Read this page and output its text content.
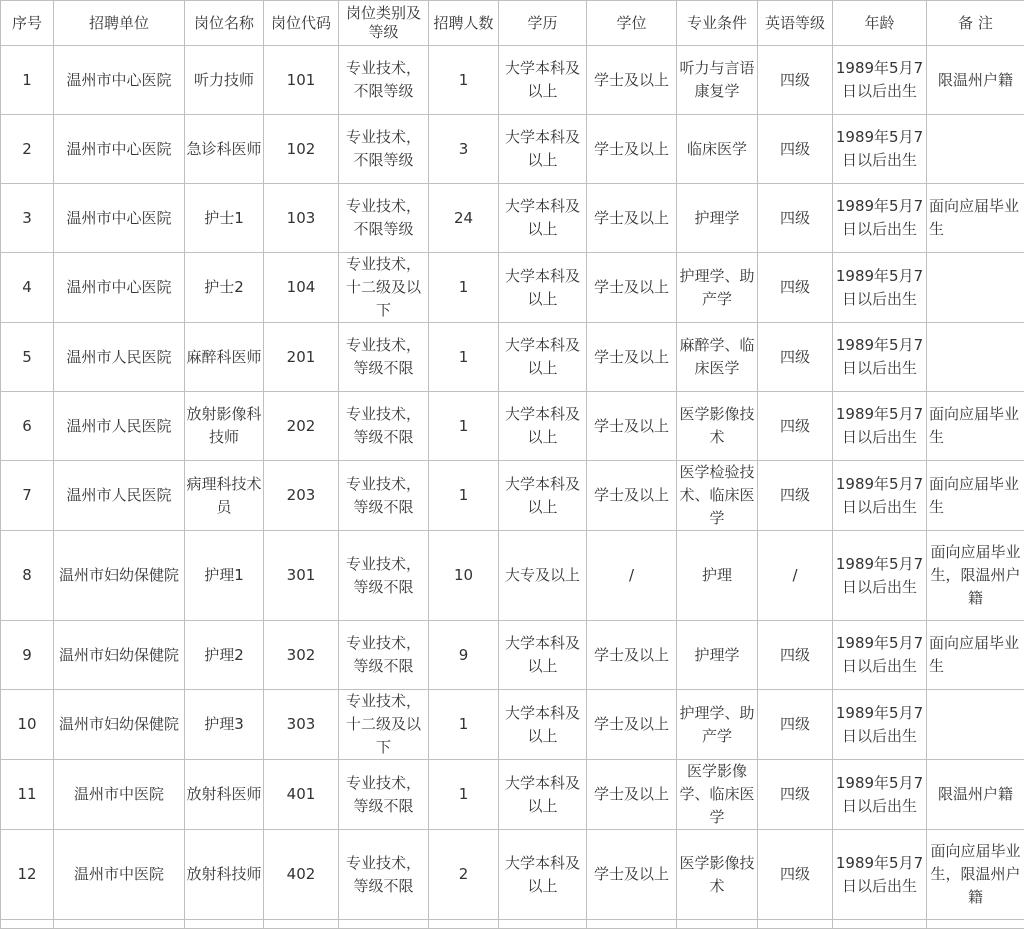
序号	招聘单位	岗位名称	岗位代码	岗位类别及等级	招聘人数	学历	学位	专业条件	英语等级	年龄	备 注
1	温州市中心医院	听力技师	101	专业技术，不限等级	1	大学本科及以上	学士及以上	听力与言语康复学	四级	1989年5月7日以后出生	限温州户籍
2	温州市中心医院	急诊科医师	102	专业技术，不限等级	3	大学本科及以上	学士及以上	临床医学	四级	1989年5月7日以后出生	
3	温州市中心医院	护士1	103	专业技术，不限等级	24	大学本科及以上	学士及以上	护理学	四级	1989年5月7日以后出生	面向应届毕业生
4	温州市中心医院	护士2	104	专业技术，十二级及以下	1	大学本科及以上	学士及以上	护理学、助产学	四级	1989年5月7日以后出生	
5	温州市人民医院	麻醉科医师	201	专业技术，等级不限	1	大学本科及以上	学士及以上	麻醉学、临床医学	四级	1989年5月7日以后出生	
6	温州市人民医院	放射影像科技师	202	专业技术，等级不限	1	大学本科及以上	学士及以上	医学影像技术	四级	1989年5月7日以后出生	面向应届毕业生
7	温州市人民医院	病理科技术员	203	专业技术，等级不限	1	大学本科及以上	学士及以上	医学检验技术、临床医学	四级	1989年5月7日以后出生	面向应届毕业生
8	温州市妇幼保健院	护理1	301	专业技术，等级不限	10	大专及以上	/	护理	/	1989年5月7日以后出生	面向应届毕业生，限温州户籍
9	温州市妇幼保健院	护理2	302	专业技术，等级不限	9	大学本科及以上	学士及以上	护理学	四级	1989年5月7日以后出生	面向应届毕业生
10	温州市妇幼保健院	护理3	303	专业技术，十二级及以下	1	大学本科及以上	学士及以上	护理学、助产学	四级	1989年5月7日以后出生	
11	温州市中医院	放射科医师	401	专业技术，等级不限	1	大学本科及以上	学士及以上	医学影像学、临床医学	四级	1989年5月7日以后出生	限温州户籍
12	温州市中医院	放射科技师	402	专业技术，等级不限	2	大学本科及以上	学士及以上	医学影像技术	四级	1989年5月7日以后出生	面向应届毕业生，限温州户籍
